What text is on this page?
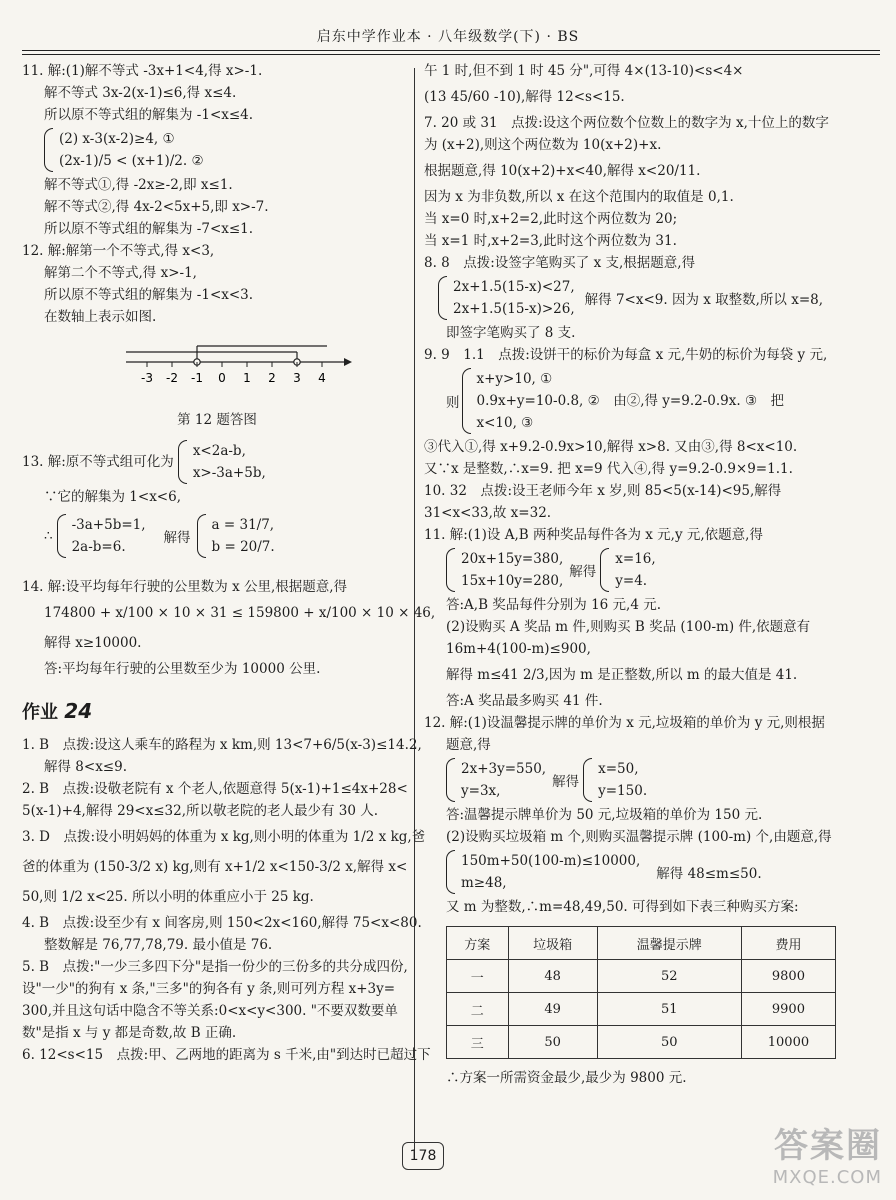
启东中学作业本 · 八年级数学(下) · BS
11. 解:(1)解不等式 -3x+1<4,得 x>-1.
解不等式 3x-2(x-1)≤6,得 x≤4.
所以原不等式组的解集为 -1<x≤4.
(2) x-3(x-2)≥4, ①
(2x-1)/5 < (x+1)/2. ②
解不等式①,得 -2x≥-2,即 x≤1.
解不等式②,得 4x-2<5x+5,即 x>-7.
所以原不等式组的解集为 -7<x≤1.
12. 解:解第一个不等式,得 x<3,
解第二个不等式,得 x>-1,
所以原不等式组的解集为 -1<x<3.
在数轴上表示如图.
-3 -2 -1 0 1 2 3 4
第 12 题答图
13. 解:原不等式组可化为
x<2a-b,
x>-3a+5b,
∵它的解集为 1<x<6,
∴
-3a+5b=1,
2a-b=6.
解得
a = 31/7,
b = 20/7.
14. 解:设平均每年行驶的公里数为 x 公里,根据题意,得
174800 + x/100 × 10 × 31 ≤ 159800 + x/100 × 10 × 46,
解得 x≥10000.
答:平均每年行驶的公里数至少为 10000 公里.
作业 24
1. B　点拨:设这人乘车的路程为 x km,则 13<7+6/5(x-3)≤14.2,
解得 8<x≤9.
2. B　点拨:设敬老院有 x 个老人,依题意得 5(x-1)+1≤4x+28<
5(x-1)+4,解得 29<x≤32,所以敬老院的老人最少有 30 人.
3. D　点拨:设小明妈妈的体重为 x kg,则小明的体重为 1/2 x kg,爸
爸的体重为 (150-3/2 x) kg,则有 x+1/2 x<150-3/2 x,解得 x<
50,则 1/2 x<25. 所以小明的体重应小于 25 kg.
4. B　点拨:设至少有 x 间客房,则 150<2x<160,解得 75<x<80.
整数解是 76,77,78,79. 最小值是 76.
5. B　点拨:"一少三多四下分"是指一份少的三份多的共分成四份,
设"一少"的狗有 x 条,"三多"的狗各有 y 条,则可列方程 x+3y=
300,并且这句话中隐含不等关系:0<x<y<300. "不要双数要单
数"是指 x 与 y 都是奇数,故 B 正确.
6. 12<s<15　点拨:甲、乙两地的距离为 s 千米,由"到达时已超过下
午 1 时,但不到 1 时 45 分",可得 4×(13-10)<s<4×
(13 45/60 -10),解得 12<s<15.
7. 20 或 31　点拨:设这个两位数个位数上的数字为 x,十位上的数字
为 (x+2),则这个两位数为 10(x+2)+x.
根据题意,得 10(x+2)+x<40,解得 x<20/11.
因为 x 为非负数,所以 x 在这个范围内的取值是 0,1.
当 x=0 时,x+2=2,此时这个两位数为 20;
当 x=1 时,x+2=3,此时这个两位数为 31.
8. 8　点拨:设签字笔购买了 x 支,根据题意,得
2x+1.5(15-x)<27,
2x+1.5(15-x)>26,
解得 7<x<9. 因为 x 取整数,所以 x=8,
即签字笔购买了 8 支.
9. 9　1.1　点拨:设饼干的标价为每盒 x 元,牛奶的标价为每袋 y 元,
则
x+y>10, ①
0.9x+y=10-0.8, ②　由②,得 y=9.2-0.9x. ③　把
x<10, ③
③代入①,得 x+9.2-0.9x>10,解得 x>8. 又由③,得 8<x<10.
又∵x 是整数,∴x=9. 把 x=9 代入④,得 y=9.2-0.9×9=1.1.
10. 32　点拨:设王老师今年 x 岁,则 85<5(x-14)<95,解得
31<x<33,故 x=32.
11. 解:(1)设 A,B 两种奖品每件各为 x 元,y 元,依题意,得
20x+15y=380,
15x+10y=280,
解得
x=16,
y=4.
答:A,B 奖品每件分别为 16 元,4 元.
(2)设购买 A 奖品 m 件,则购买 B 奖品 (100-m) 件,依题意有
16m+4(100-m)≤900,
解得 m≤41 2/3,因为 m 是正整数,所以 m 的最大值是 41.
答:A 奖品最多购买 41 件.
12. 解:(1)设温馨提示牌的单价为 x 元,垃圾箱的单价为 y 元,则根据
题意,得
2x+3y=550,
y=3x,
解得
x=50,
y=150.
答:温馨提示牌单价为 50 元,垃圾箱的单价为 150 元.
(2)设购买垃圾箱 m 个,则购买温馨提示牌 (100-m) 个,由题意,得
150m+50(100-m)≤10000,
m≥48,
解得 48≤m≤50.
又 m 为整数,∴m=48,49,50. 可得到如下表三种购买方案:
方案	垃圾箱	温馨提示牌	费用
一	48	52	9800
二	49	51	9900
三	50	50	10000
∴方案一所需资金最少,最少为 9800 元.
178	答案圈
MXQE.COM
